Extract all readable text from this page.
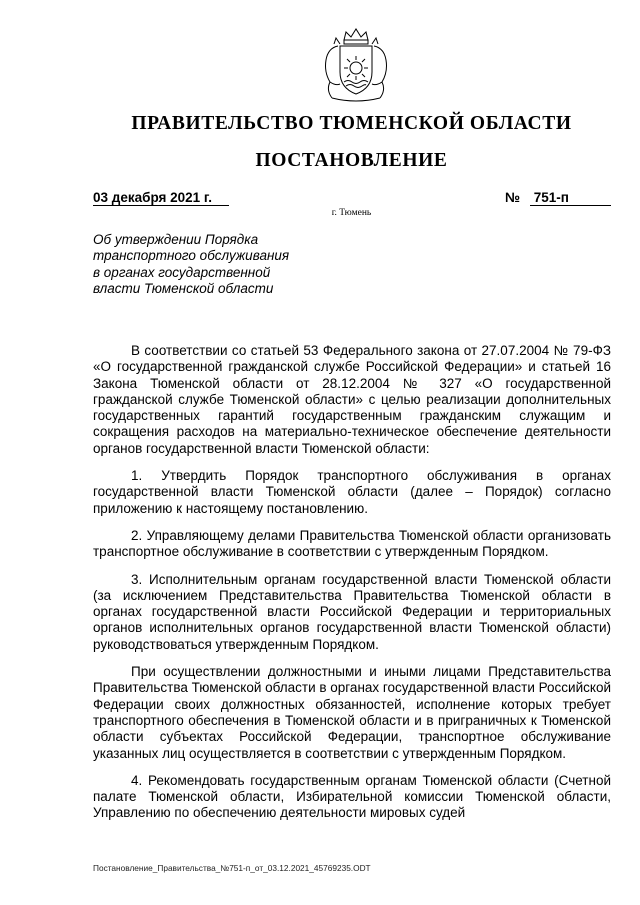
ПРАВИТЕЛЬСТВО ТЮМЕНСКОЙ ОБЛАСТИ
ПОСТАНОВЛЕНИЕ
03 декабря 2021 г.	№ 751-п
г. Тюмень
Об утверждении Порядка
транспортного обслуживания
в органах государственной
власти Тюменской области

В соответствии со статьей 53 Федерального закона от 27.07.2004 № 79-ФЗ «О государственной гражданской службе Российской Федерации» и статьей 16 Закона Тюменской области от 28.12.2004 № 327 «О государственной гражданской службе Тюменской области» с целью реализации дополнительных государственных гарантий государственным гражданским служащим и сокращения расходов на материально-техническое обеспечение деятельности органов государственной власти Тюменской области:

1. Утвердить Порядок транспортного обслуживания в органах государственной власти Тюменской области (далее – Порядок) согласно приложению к настоящему постановлению.

2. Управляющему делами Правительства Тюменской области организовать транспортное обслуживание в соответствии с утвержденным Порядком.

3. Исполнительным органам государственной власти Тюменской области (за исключением Представительства Правительства Тюменской области в органах государственной власти Российской Федерации и территориальных органов исполнительных органов государственной власти Тюменской области) руководствоваться утвержденным Порядком.

При осуществлении должностными и иными лицами Представительства Правительства Тюменской области в органах государственной власти Российской Федерации своих должностных обязанностей, исполнение которых требует транспортного обеспечения в Тюменской области и в приграничных к Тюменской области субъектах Российской Федерации, транспортное обслуживание указанных лиц осуществляется в соответствии с утвержденным Порядком.

4. Рекомендовать государственным органам Тюменской области (Счетной палате Тюменской области, Избирательной комиссии Тюменской области, Управлению по обеспечению деятельности мировых судей

Постановление_Правительства_№751-п_от_03.12.2021_45769235.ODT
